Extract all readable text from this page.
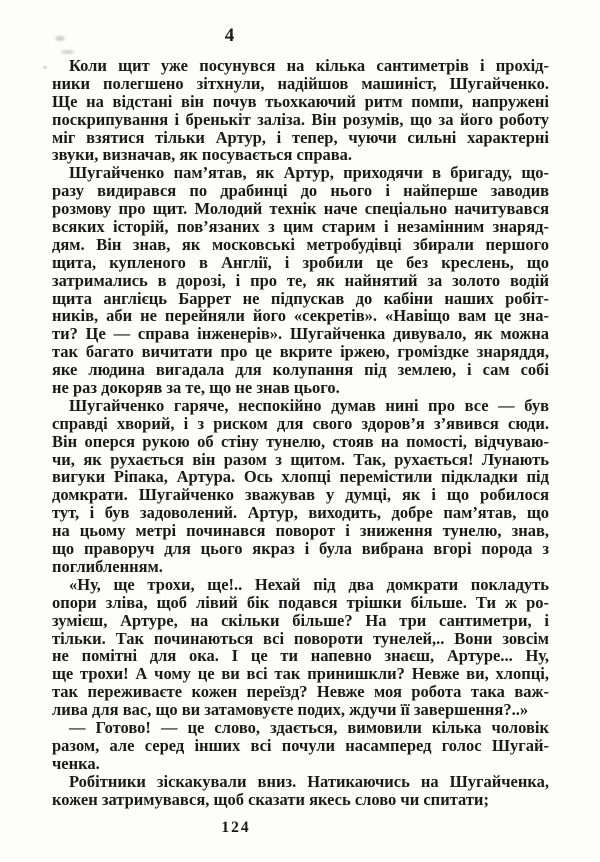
4
Коли щит уже посунувся на кілька сантиметрів і прохід-
ники полегшено зітхнули, надійшов машиніст, Шугайченко.
Ще на відстані він почув тьохкаючий ритм помпи, напружені
поскрипування і бренькіт заліза. Він розумів, що за його роботу
міг взятися тільки Артур, і тепер, чуючи сильні характерні
звуки, визначав, як посувається справа.
Шугайченко пам’ятав, як Артур, приходячи в бригаду, що-
разу видирався по драбинці до нього і найперше заводив
розмову про щит. Молодий технік наче спеціально начитувався
всяких історій, пов’язаних з цим старим і незамінним знаряд-
дям. Він знав, як московські метробудівці збирали першого
щита, купленого в Англії, і зробили це без креслень, що
затримались в дорозі, і про те, як найнятий за золото водій
щита англієць Баррет не підпускав до кабіни наших робіт-
ників, аби не перейняли його «секретів». «Навіщо вам це зна-
ти? Це — справа інженерів». Шугайченка дивувало, як можна
так багато вичитати про це вкрите іржею, громіздке знаряддя,
яке людина вигадала для колупання під землею, і сам собі
не раз докоряв за те, що не знав цього.
Шугайченко гаряче, неспокійно думав нині про все — був
справді хворий, і з риском для свого здоров’я з’явився сюди.
Він оперся рукою об стіну тунелю, стояв на помості, відчуваю-
чи, як рухається він разом з щитом. Так, рухається! Лунають
вигуки Ріпака, Артура. Ось хлопці перемістили підкладки під
домкрати. Шугайченко зважував у думці, як і що робилося
тут, і був задоволений. Артур, виходить, добре пам’ятав, що
на цьому метрі починався поворот і зниження тунелю, знав,
що праворуч для цього якраз і була вибрана вгорі порода з
поглибленням.
«Ну, ще трохи, ще!.. Нехай під два домкрати покладуть
опори зліва, щоб лівий бік подався трішки більше. Ти ж ро-
зумієш, Артуре, на скільки більше? На три сантиметри, і
тільки. Так починаються всі повороти тунелей,.. Вони зовсім
не помітні для ока. І це ти напевно знаєш, Артуре... Ну,
ще трохи! А чому це ви всі так принишкли? Невже ви, хлопці,
так переживаєте кожен переїзд? Невже моя робота така важ-
лива для вас, що ви затамовуєте подих, ждучи її завершення?..»
— Готово! — це слово, здається, вимовили кілька чоловік
разом, але серед інших всі почули насамперед голос Шугай-
ченка.
Робітники зіскакували вниз. Натикаючись на Шугайченка,
кожен затримувався, щоб сказати якесь слово чи спитати;
124
